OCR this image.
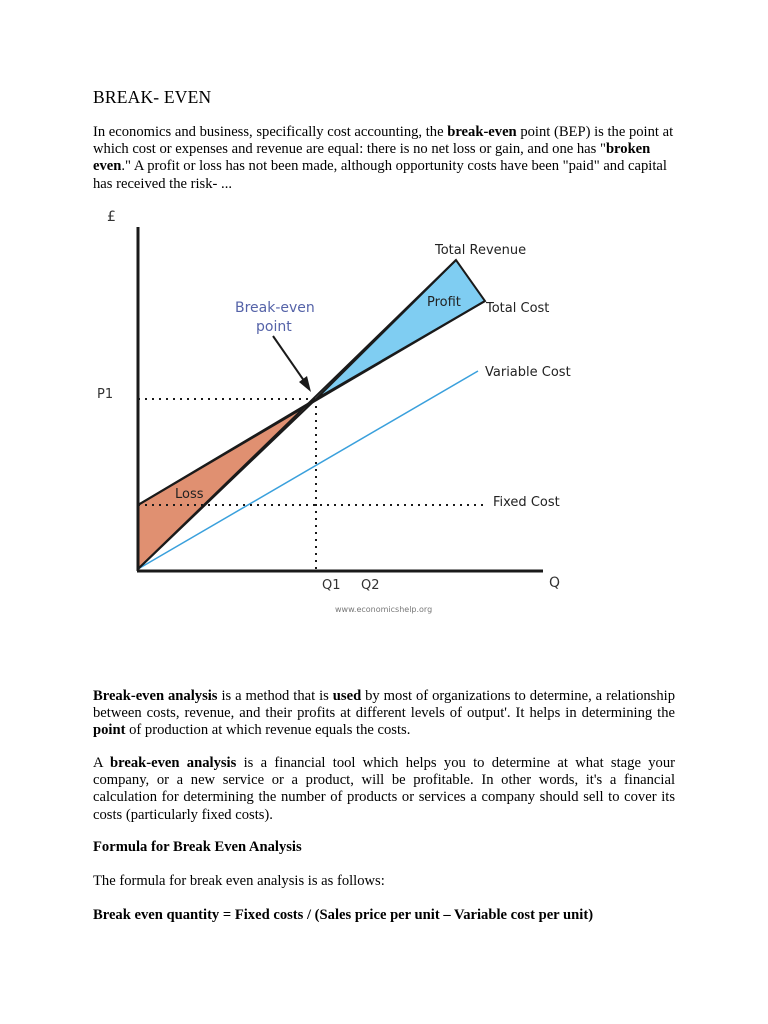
BREAK- EVEN

In economics and business, specifically cost accounting, the break-even point (BEP) is the point at which cost or expenses and revenue are equal: there is no net loss or gain, and one has "broken even." A profit or loss has not been made, although opportunity costs have been "paid" and capital has received the risk- ...

£
Q
P1
Q1 Q2
Total Revenue
Total Cost
Variable Cost
Fixed Cost
Profit
Loss
Break-even
point
www.economicshelp.org

Break-even analysis is a method that is used by most of organizations to determine, a relationship between costs, revenue, and their profits at different levels of output'. It helps in determining the point of production at which revenue equals the costs.

A break-even analysis is a financial tool which helps you to determine at what stage your company, or a new service or a product, will be profitable. In other words, it's a financial calculation for determining the number of products or services a company should sell to cover its costs (particularly fixed costs).

Formula for Break Even Analysis
The formula for break even analysis is as follows:
Break even quantity = Fixed costs / (Sales price per unit – Variable cost per unit)
